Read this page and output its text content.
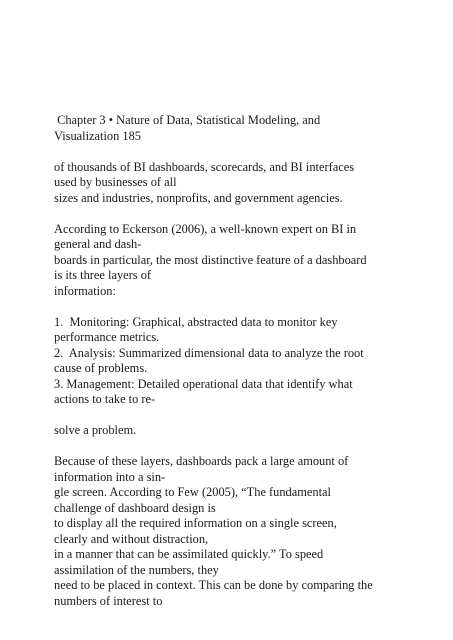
Chapter 3 • Nature of Data, Statistical Modeling, and
Visualization 185
of thousands of BI dashboards, scorecards, and BI interfaces
used by businesses of all
sizes and industries, nonprofits, and government agencies.
According to Eckerson (2006), a well-known expert on BI in
general and dash-
boards in particular, the most distinctive feature of a dashboard
is its three layers of
information:
1.  Monitoring: Graphical, abstracted data to monitor key
performance metrics.
2.  Analysis: Summarized dimensional data to analyze the root
cause of problems.
3. Management: Detailed operational data that identify what
actions to take to re-
solve a problem.
Because of these layers, dashboards pack a large amount of
information into a sin-
gle screen. According to Few (2005), “The fundamental
challenge of dashboard design is
to display all the required information on a single screen,
clearly and without distraction,
in a manner that can be assimilated quickly.” To speed
assimilation of the numbers, they
need to be placed in context. This can be done by comparing the
numbers of interest to
